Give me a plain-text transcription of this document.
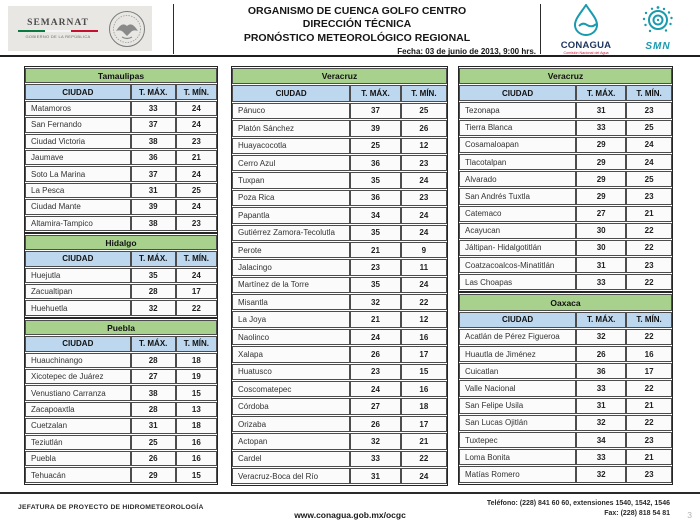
SEMARNAT
GOBIERNO DE LA REPÚBLICA
ORGANISMO DE CUENCA GOLFO CENTRO
DIRECCIÓN TÉCNICA
PRONÓSTICO METEOROLÓGICO REGIONAL
Fecha: 03 de junio de 2013, 9:00 hrs.
CONAGUA
Comisión Nacional del Agua
SMN
Tamaulipas		
CIUDAD	T. MÁX.	T. MÍN.
Matamoros	33	24
San Fernando	37	24
Ciudad Victoria	38	23
Jaumave	36	21
Soto La Marina	37	24
La Pesca	31	25
Ciudad Mante	39	24
Altamira-Tampico	38	23
Hidalgo		
CIUDAD	T. MÁX.	T. MÍN.
Huejutla	35	24
Zacualtipan	28	17
Huehuetla	32	22
Puebla		
CIUDAD	T. MÁX.	T. MÍN.
Huauchinango	28	18
Xicotepec de Juárez	27	19
Venustiano Carranza	38	15
Zacapoaxtla	28	13
Cuetzalan	31	18
Teziutlán	25	16
Puebla	26	16
Tehuacán	29	15
Veracruz		
CIUDAD	T. MÁX.	T. MÍN.
Pánuco	37	25
Platón Sánchez	39	26
Huayacocotla	25	12
Cerro Azul	36	23
Tuxpan	35	24
Poza Rica	36	23
Papantla	34	24
Gutiérrez Zamora-Tecolutla	35	24
Perote	21	9
Jalacingo	23	11
Martínez de la Torre	35	24
Misantla	32	22
La Joya	21	12
Naolinco	24	16
Xalapa	26	17
Huatusco	23	15
Coscomatepec	24	16
Córdoba	27	18
Orizaba	26	17
Actopan	32	21
Cardel	33	22
Veracruz-Boca del Río	31	24
Veracruz		
CIUDAD	T. MÁX.	T. MÍN.
Tezonapa	31	23
Tierra Blanca	33	25
Cosamaloapan	29	24
Tlacotalpan	29	24
Alvarado	29	25
San Andrés Tuxtla	29	23
Catemaco	27	21
Acayucan	30	22
Jáltipan- Hidalgotitlán	30	22
Coatzacoalcos-Minatitlán	31	23
Las Choapas	33	22
Oaxaca		
CIUDAD	T. MÁX.	T. MÍN.
Acatlán de Pérez Figueroa	32	22
Huautla de Jiménez	26	16
Cuicatlan	36	17
Valle Nacional	33	22
San Felipe Usila	31	21
San Lucas Ojitlán	32	22
Tuxtepec	34	23
Loma Bonita	33	21
Matías Romero	32	23
JEFATURA DE PROYECTO DE HIDROMETEOROLOGÍA
www.conagua.gob.mx/ocgc
Teléfono: (228) 841 60 60, extensiones 1540, 1542, 1546
Fax: (228) 818 54 81 3
